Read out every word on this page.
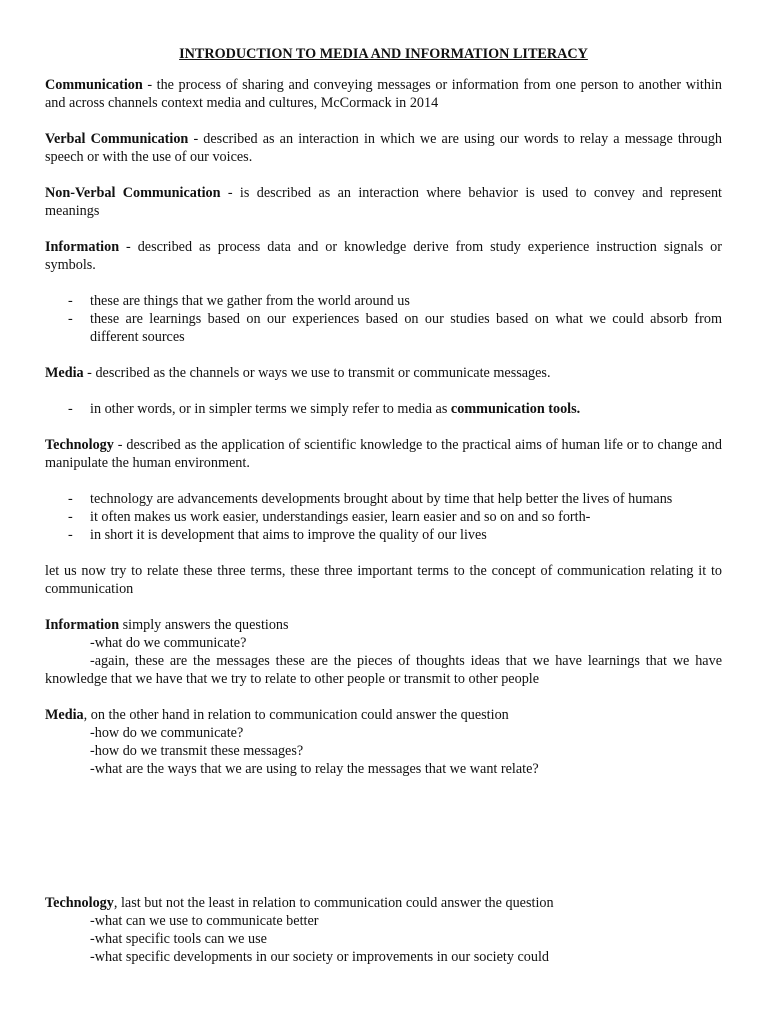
INTRODUCTION TO MEDIA AND INFORMATION LITERACY
Communication - the process of sharing and conveying messages or information from one person to another within and across channels context media and cultures, McCormack in 2014
Verbal Communication - described as an interaction in which we are using our words to relay a message through speech or with the use of our voices.
Non-Verbal Communication - is described as an interaction where behavior is used to convey and represent meanings
Information - described as process data and or knowledge derive from study experience instruction signals or symbols.
- these are things that we gather from the world around us
- these are learnings based on our experiences based on our studies based on what we could absorb from different sources
Media - described as the channels or ways we use to transmit or communicate messages.
- in other words, or in simpler terms we simply refer to media as communication tools.
Technology - described as the application of scientific knowledge to the practical aims of human life or to change and manipulate the human environment.
- technology are advancements developments brought about by time that help better the lives of humans
- it often makes us work easier, understandings easier, learn easier and so on and so forth-
- in short it is development that aims to improve the quality of our lives
let us now try to relate these three terms, these three important terms to the concept of communication relating it to communication
Information simply answers the questions
-what do we communicate?
-again, these are the messages these are the pieces of thoughts ideas that we have learnings that we have knowledge that we have that we try to relate to other people or transmit to other people
Media, on the other hand in relation to communication could answer the question
-how do we communicate?
-how do we transmit these messages?
-what are the ways that we are using to relay the messages that we want relate?
Technology, last but not the least in relation to communication could answer the question
-what can we use to communicate better
-what specific tools can we use
-what specific developments in our society or improvements in our society could
